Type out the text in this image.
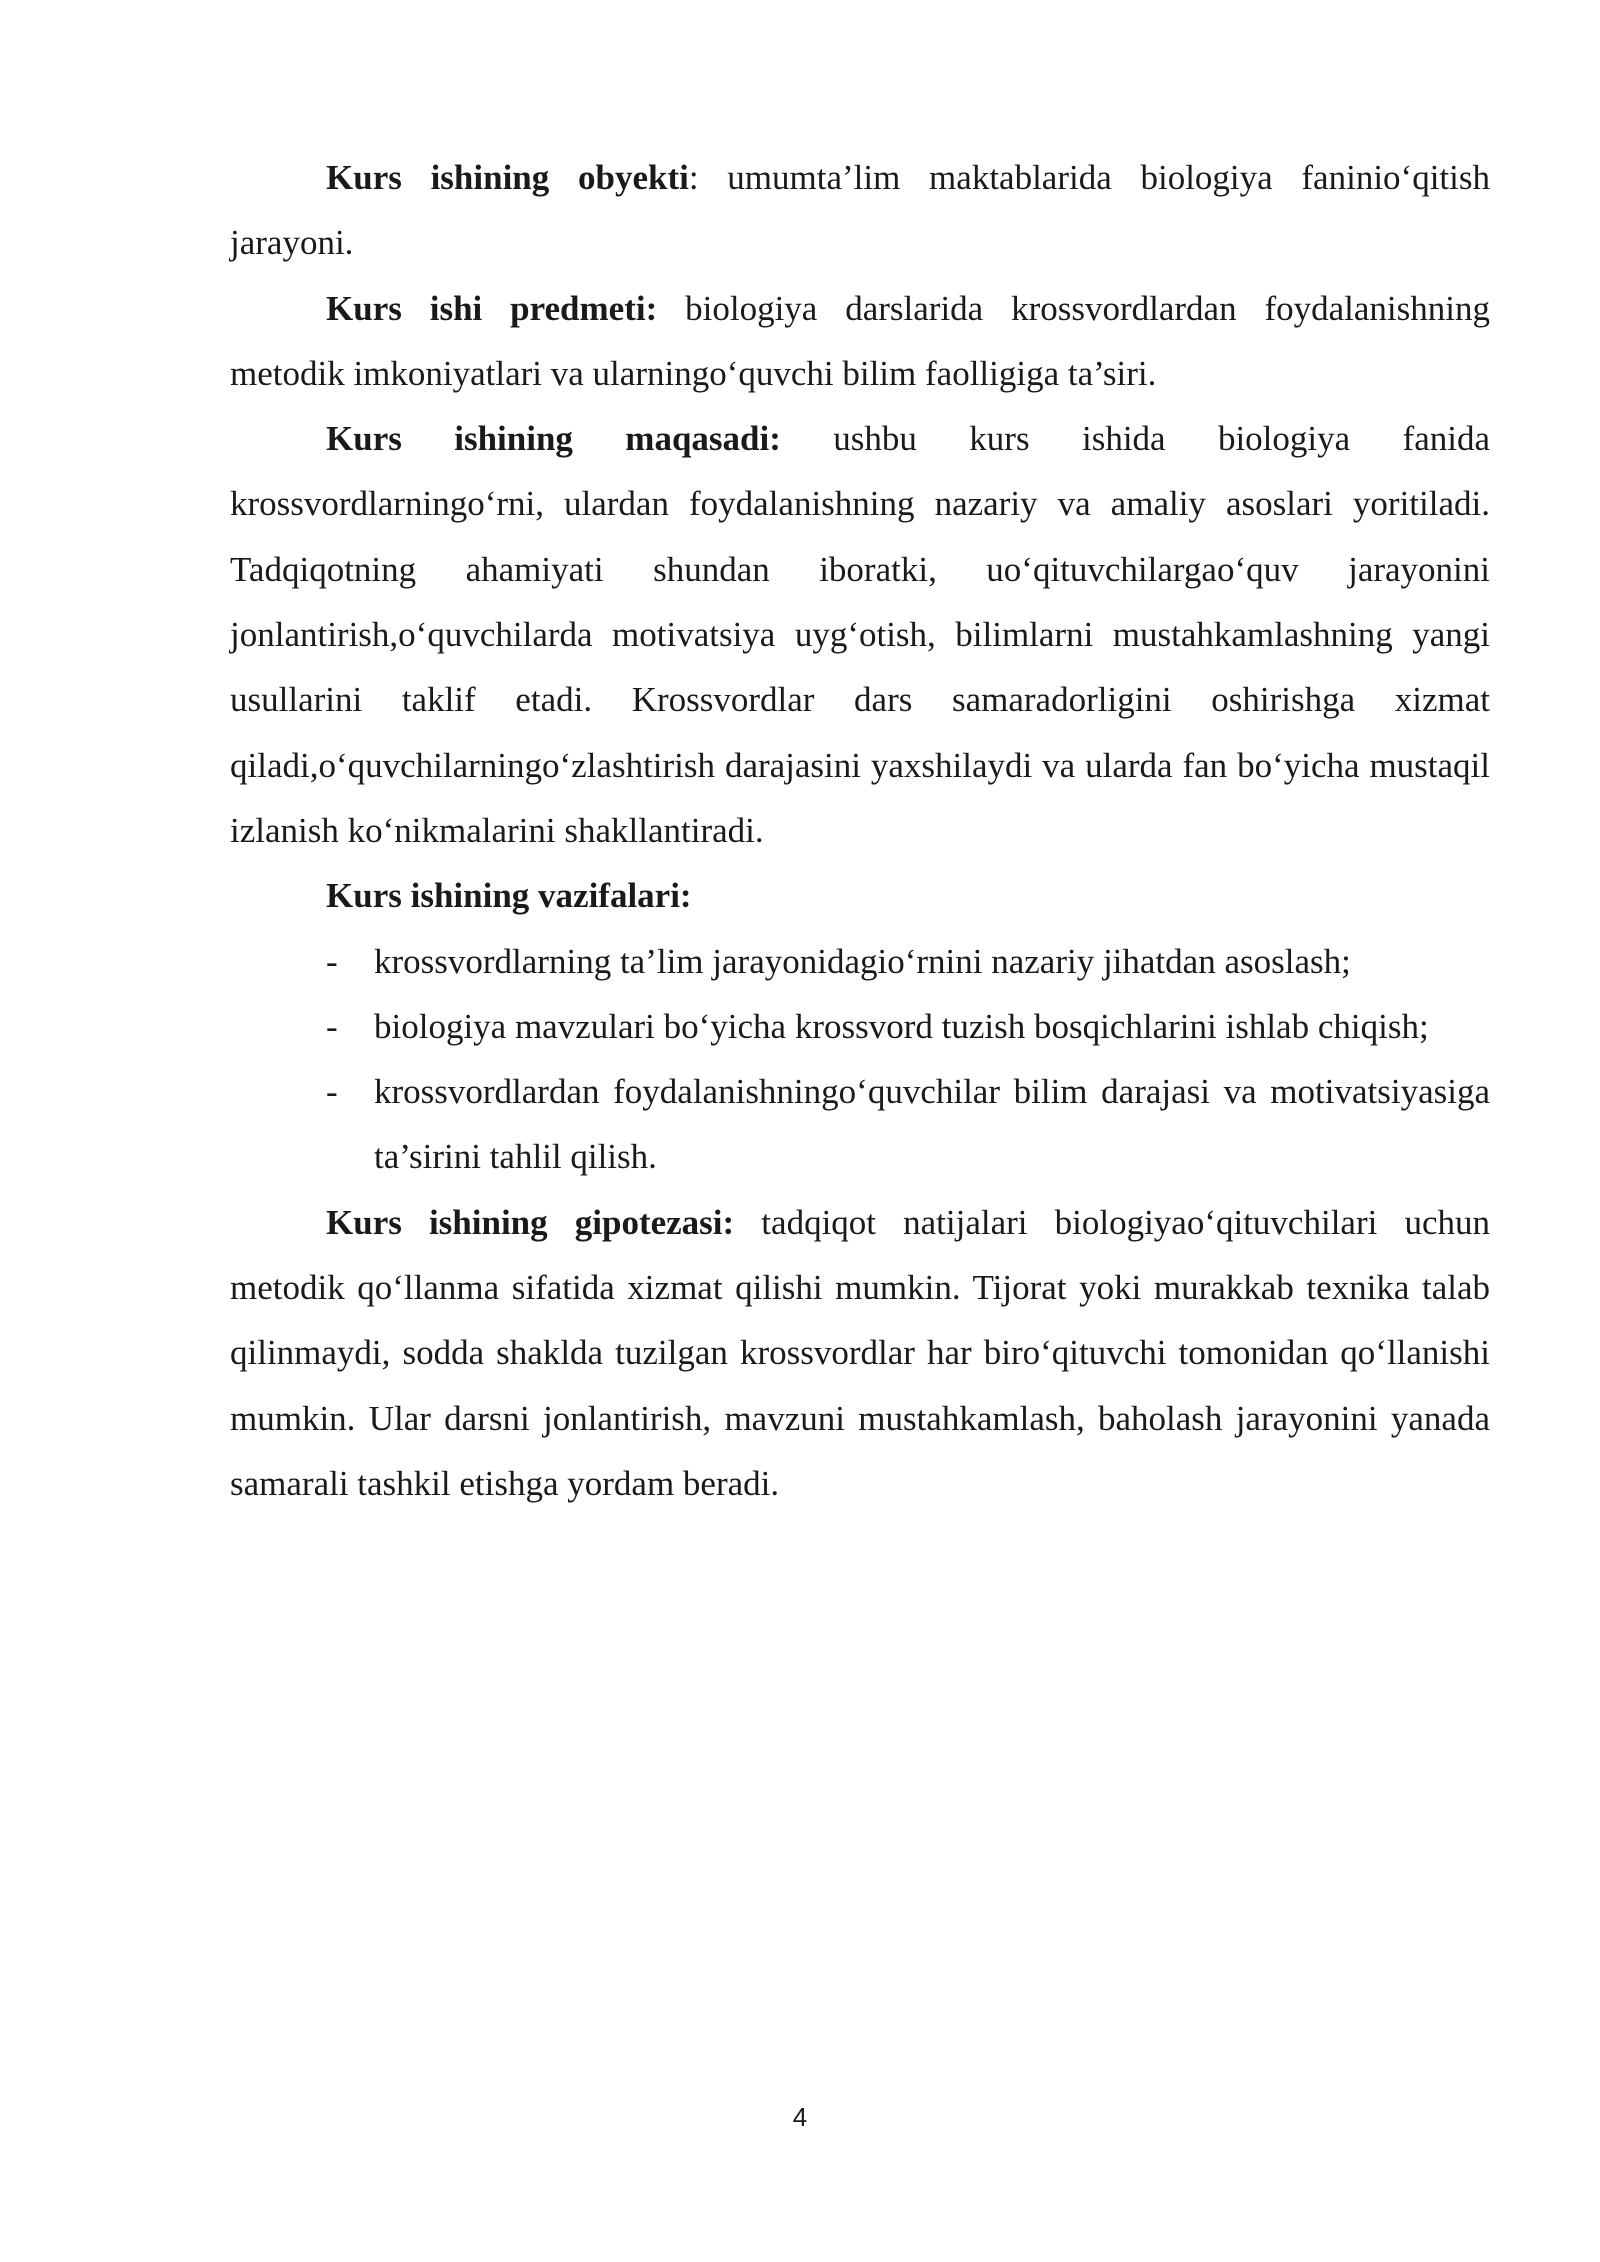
Kurs ishining obyekti: umumta’lim maktablarida biologiya faninio‘qitish jarayoni.

Kurs ishi predmeti: biologiya darslarida krossvordlardan foydalanishning metodik imkoniyatlari va ularningo‘quvchi bilim faolligiga ta’siri.

Kurs ishining maqasadi: ushbu kurs ishida biologiya fanida krossvordlarningo‘rni, ulardan foydalanishning nazariy va amaliy asoslari yoritiladi. Tadqiqotning ahamiyati shundan iboratki, uo‘qituvchilargao‘quv jarayonini jonlantirish,o‘quvchilarda motivatsiya uyg‘otish, bilimlarni mustahkamlashning yangi usullarini taklif etadi. Krossvordlar dars samaradorligini oshirishga xizmat qiladi,o‘quvchilarningo‘zlashtirish darajasini yaxshilaydi va ularda fan bo‘yicha mustaqil izlanish ko‘nikmalarini shakllantiradi.

Kurs ishining vazifalari:

- krossvordlarning ta’lim jarayonidagio‘rnini nazariy jihatdan asoslash;
- biologiya mavzulari bo‘yicha krossvord tuzish bosqichlarini ishlab chiqish;
- krossvordlardan foydalanishningo‘quvchilar bilim darajasi va motivatsiyasiga ta’sirini tahlil qilish.

Kurs ishining gipotezasi: tadqiqot natijalari biologiyao‘qituvchilari uchun metodik qo‘llanma sifatida xizmat qilishi mumkin. Tijorat yoki murakkab texnika talab qilinmaydi, sodda shaklda tuzilgan krossvordlar har biro‘qituvchi tomonidan qo‘llanishi mumkin. Ular darsni jonlantirish, mavzuni mustahkamlash, baholash jarayonini yanada samarali tashkil etishga yordam beradi.

4
